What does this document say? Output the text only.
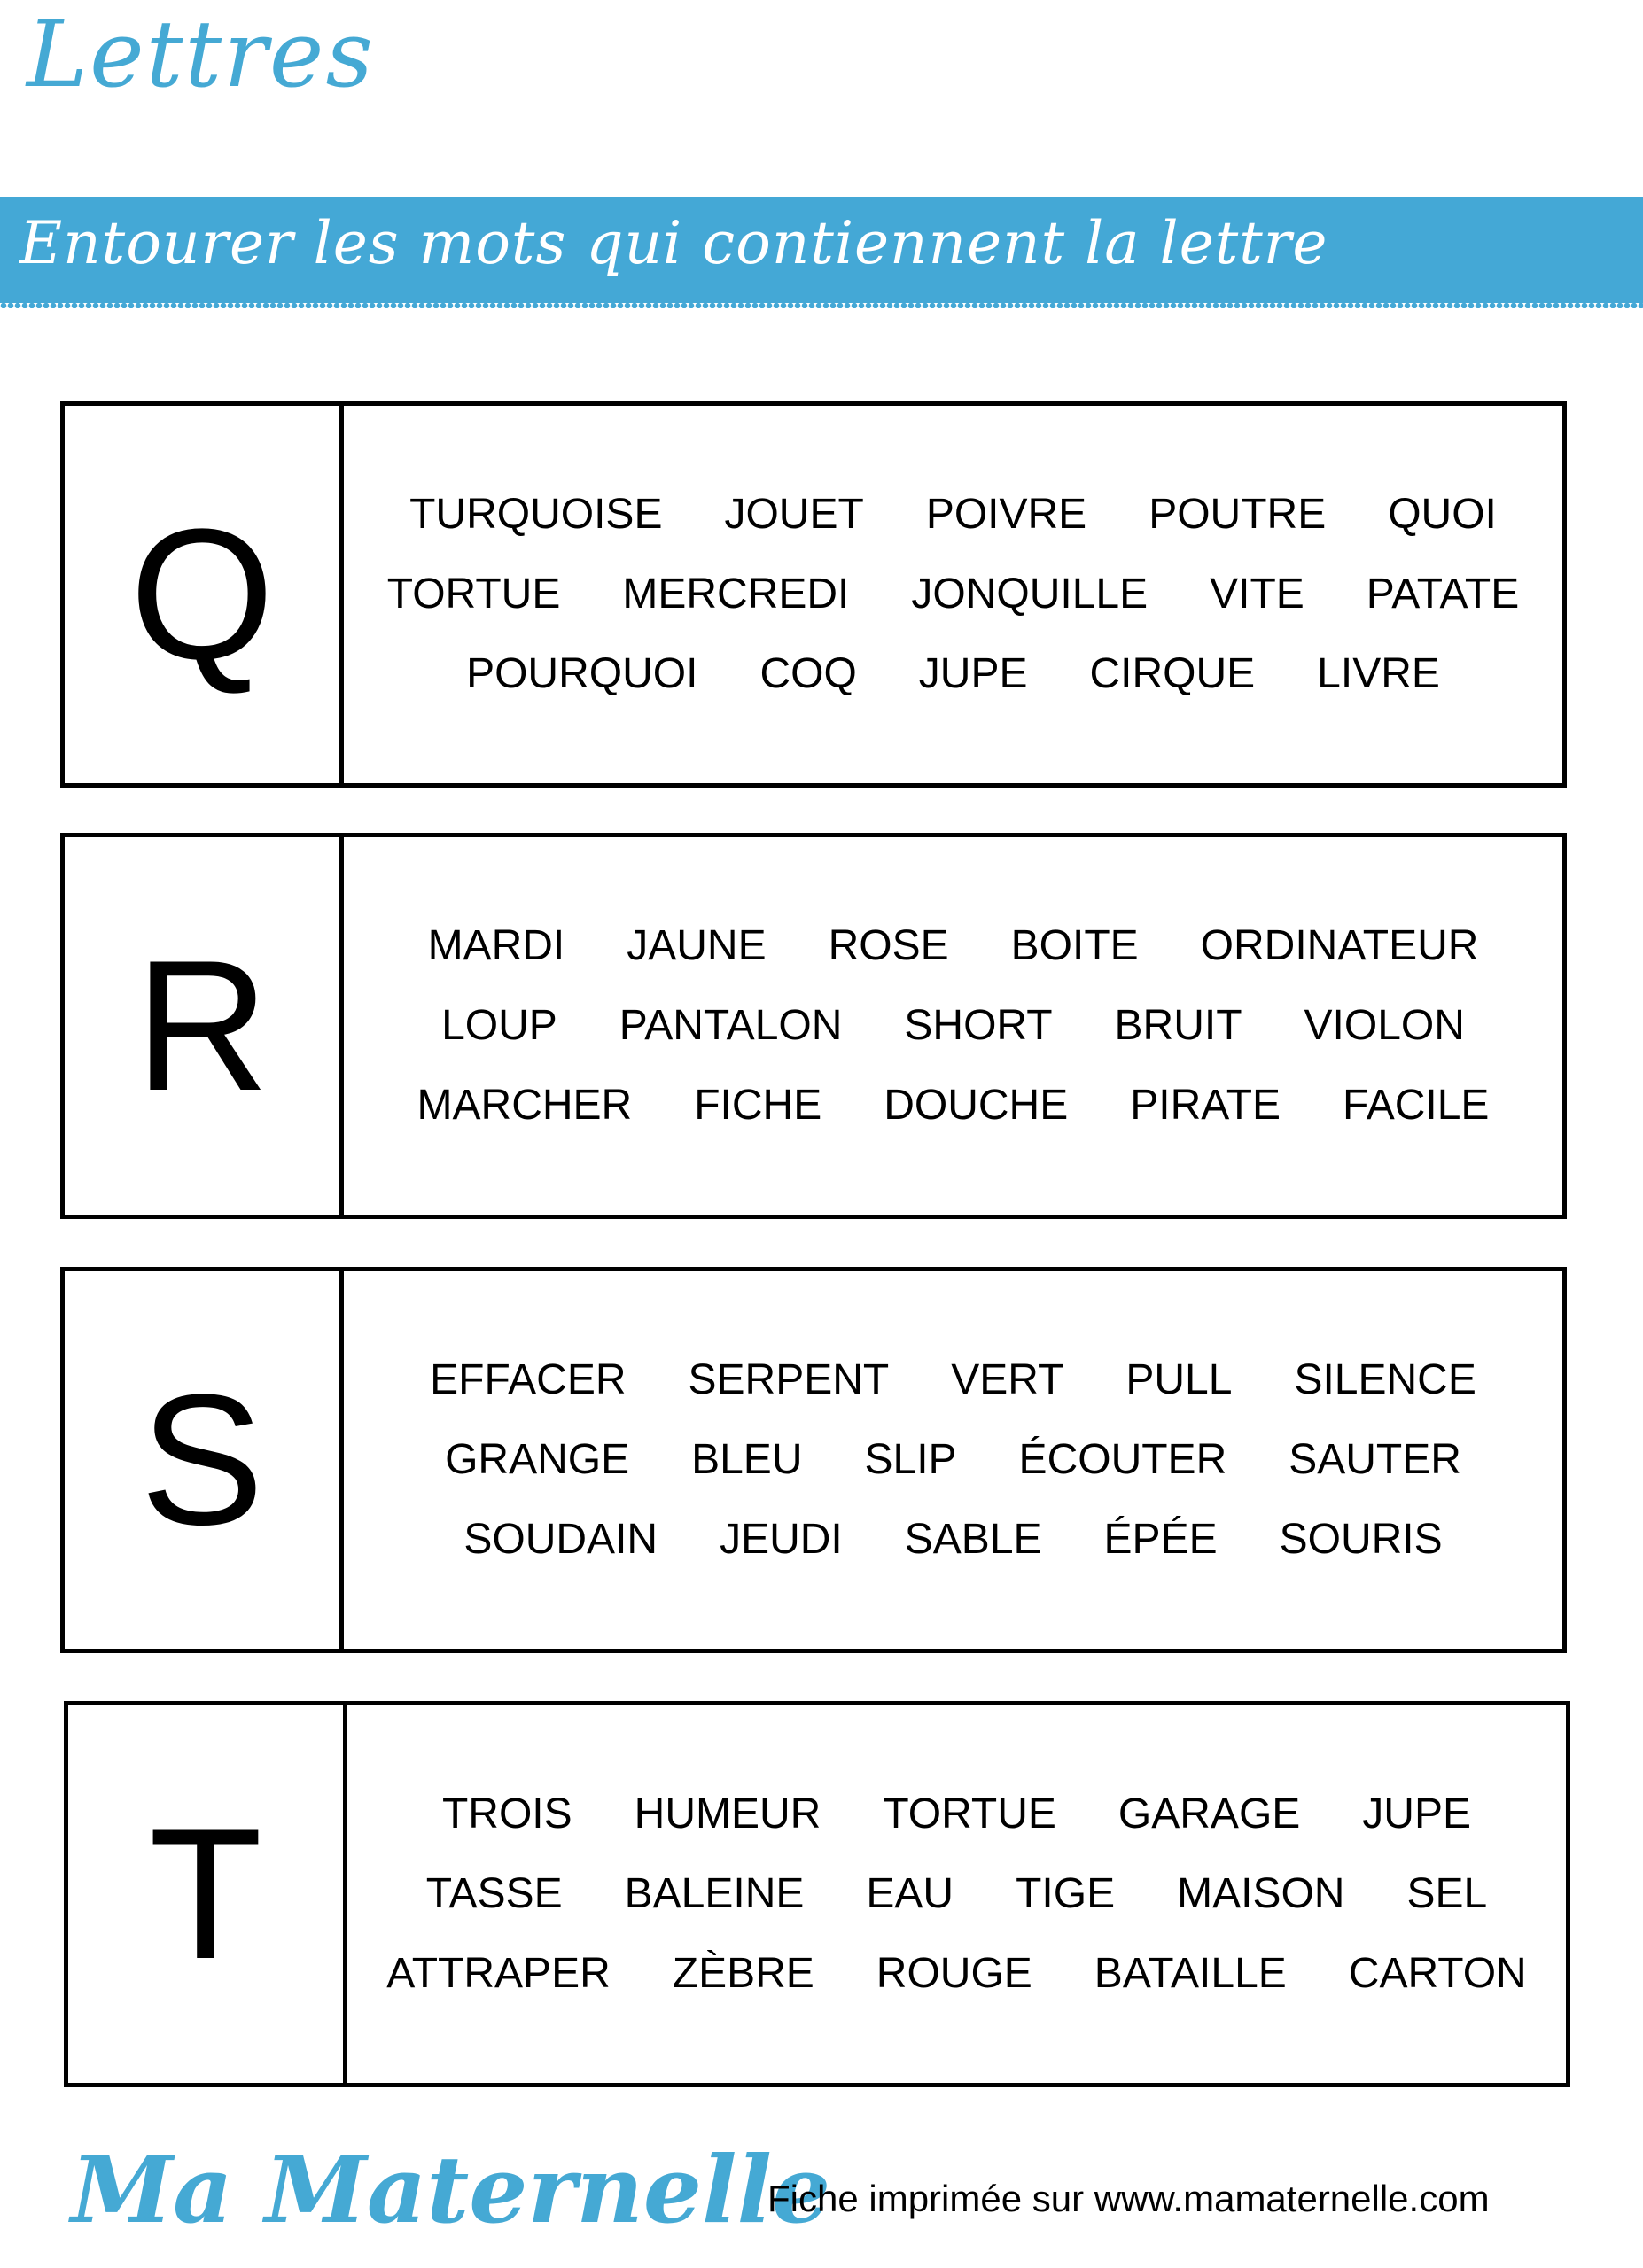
Lettres
Entourer les mots qui contiennent la lettre
Q	TURQUOISE JOUET POIVRE POUTRE QUOI
TORTUE MERCREDI JONQUILLE VITE PATATE
POURQUOI COQ JUPE CIRQUE LIVRE
R	MARDI JAUNE ROSE BOITE ORDINATEUR
LOUP PANTALON SHORT BRUIT VIOLON
MARCHER FICHE DOUCHE PIRATE FACILE
S	EFFACER SERPENT VERT PULL SILENCE
GRANGE BLEU SLIP ÉCOUTER SAUTER
SOUDAIN JEUDI SABLE ÉPÉE SOURIS
T	TROIS HUMEUR TORTUE GARAGE JUPE
TASSE BALEINE EAU TIGE MAISON SEL
ATTRAPER ZÈBRE ROUGE BATAILLE CARTON
Ma Maternelle
Fiche imprimée sur www.mamaternelle.com
